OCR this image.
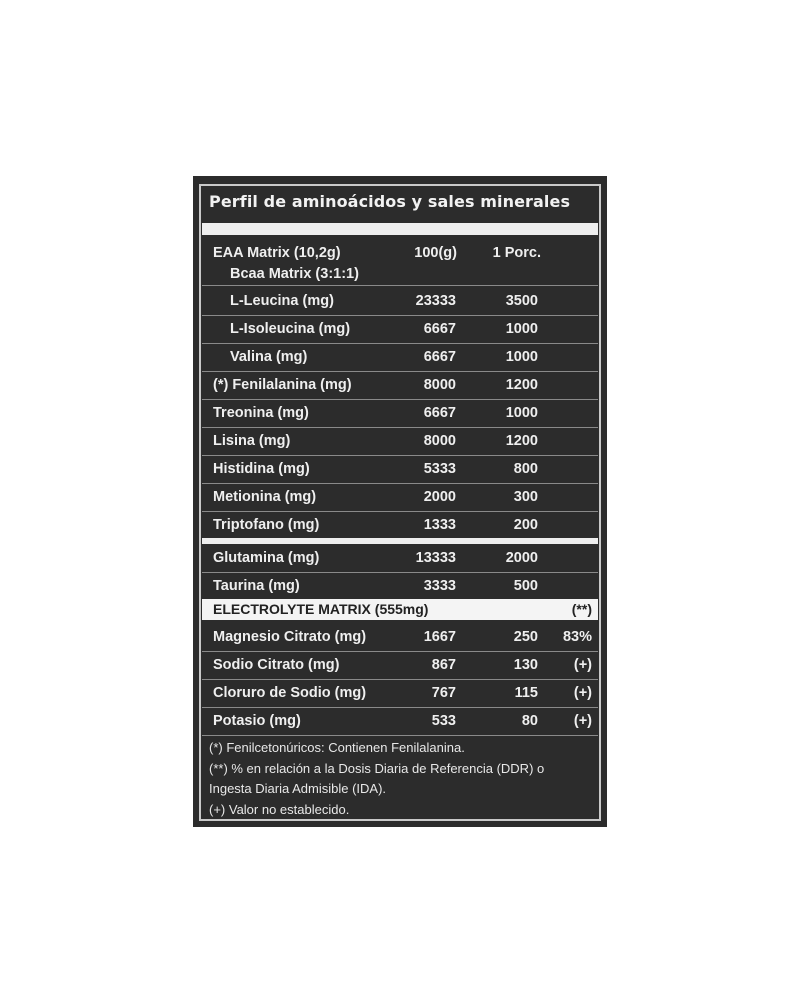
Perfil de aminoácidos y sales minerales
EAA Matrix (10,2g)
Bcaa Matrix (3:1:1)
100(g) 1 Porc.
L-Leucina (mg)	23333	3500
L-Isoleucina (mg)	6667	1000
Valina (mg)	6667	1000
(*) Fenilalanina (mg)	8000	1200
Treonina (mg)	6667	1000
Lisina (mg)	8000	1200
Histidina (mg)	5333	800
Metionina (mg)	2000	300
Triptofano (mg)	1333	200
Glutamina (mg)	13333	2000
Taurina (mg)	3333	500
ELECTROLYTE MATRIX (555mg)	(**)
Magnesio Citrato (mg)	1667	250 83%
Sodio Citrato (mg)	867	130 (+)
Cloruro de Sodio (mg)	767	115 (+)
Potasio (mg)	533	80 (+)
(*) Fenilcetonúricos: Contienen Fenilalanina.
(**) % en relación a la Dosis Diaria de Referencia (DDR) o
Ingesta Diaria Admisible (IDA).
(+) Valor no establecido.
